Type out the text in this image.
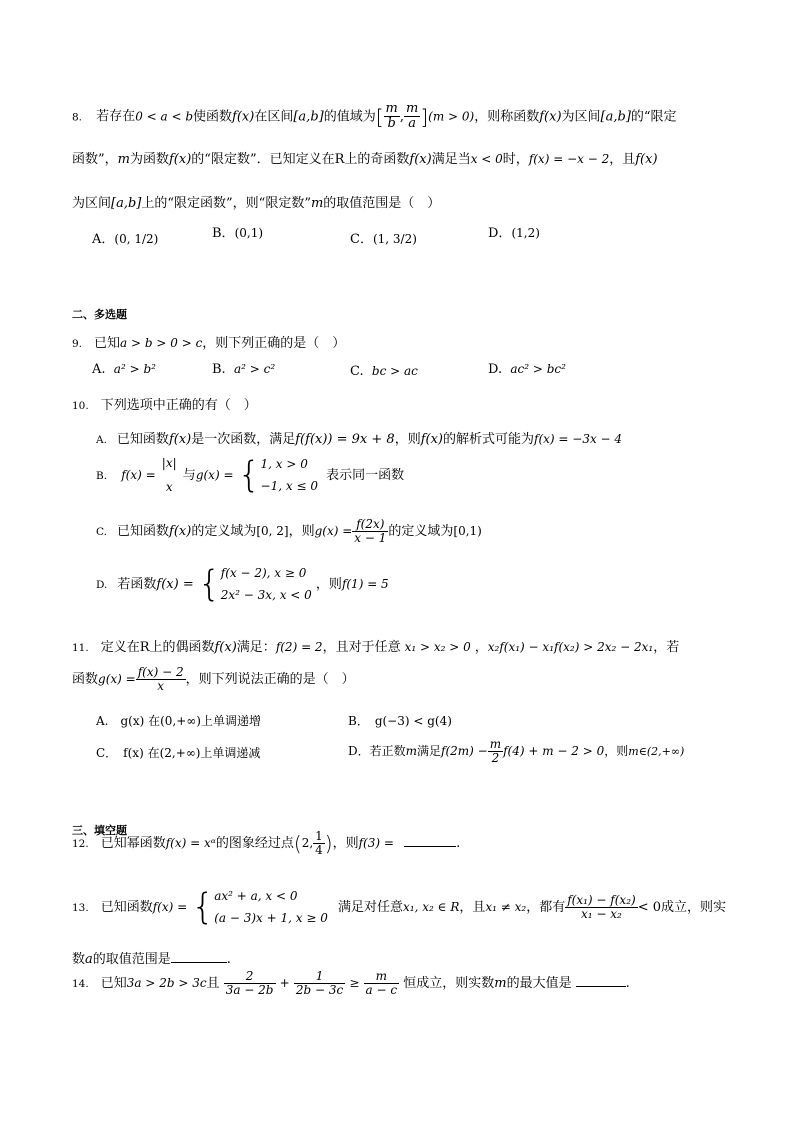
8. 若存在0 < a < b使函数f(x)在区间[a,b]的值域为[ $\frac{m}{b}$ , $\frac{m}{a} ](m > 0)$，则称函数f(x)为区间[a,b]的“限定
函数”，m为函数f(x)的“限定数”．已知定义在R上的奇函数f(x)满足当x < 0时，f(x) = −x − 2，且f(x)
为区间[a,b]上的“限定函数”，则“限定数”m的取值范围是（　）
A．(0, 1/2)	B．(0,1)	C．(1, 3/2)	D．(1,2)
二、多选题
9. 已知a > b > 0 > c，则下列正确的是（　）
A. a² > b²	B. a² > c²	C. bc > ac	D. ac² > bc²
10. 下列选项中正确的有（　）
A. 已知函数f(x)是一次函数，满足f(f(x)) = 9x + 8，则f(x)的解析式可能为f(x) = −3x − 4
B. f(x) =
|x|
x
与g(x) = { 1, x > 0
−1, x ≤ 0
表示同一函数
C. 已知函数f(x)的定义域为[0, 2]，则$g(x) = \frac{f(2x)}{x - 1}$ 的定义域为[0,1)
D. 若函数f(x) = { f(x − 2), x ≥ 0
2x² − 3x, x < 0
，则f(1) = 5
11. 定义在R上的偶函数f(x)满足：f(2) = 2，且对于任意 x₁ > x₂ > 0 ，x₂f(x₁) − x₁f(x₂) > 2x₂ − 2x₁，若
函数$g(x) = \frac{f(x) - 2}{x}$ ，则下列说法正确的是（　）
A.　g(x) 在(0,+∞)上单调递增	B．　g(−3) < g(4)
C．　f(x) 在(2,+∞)上单调递减	D．若正数m满足$f(2m) - \frac{m}{2} f(4) + m - 2 > 0$，则m∈(2,+∞)
三、填空题
12. 已知幂函数f(x) = xᵅ的图象经过点(2, $\frac{1}{4}$ )，则f(3) =	.
13. 已知函数f(x) = { ax² + a, x < 0
(a − 3)x + 1, x ≥ 0
满足对任意x₁, x₂ ∈ R，且x₁ ≠ x₂，都有 $\frac{\text{f(x₁) − f(x₂)}}{\text{x₁ − x₂}} < 0$成立，则实
数a的取值范围是	.
14. 已知3a > 2b > 3c且 $\frac{2}{3a - 2b} + \frac{1}{2b - 3c} \ge \frac{m}{a - c}$ 恒成立，则实数m的最大值是	.
